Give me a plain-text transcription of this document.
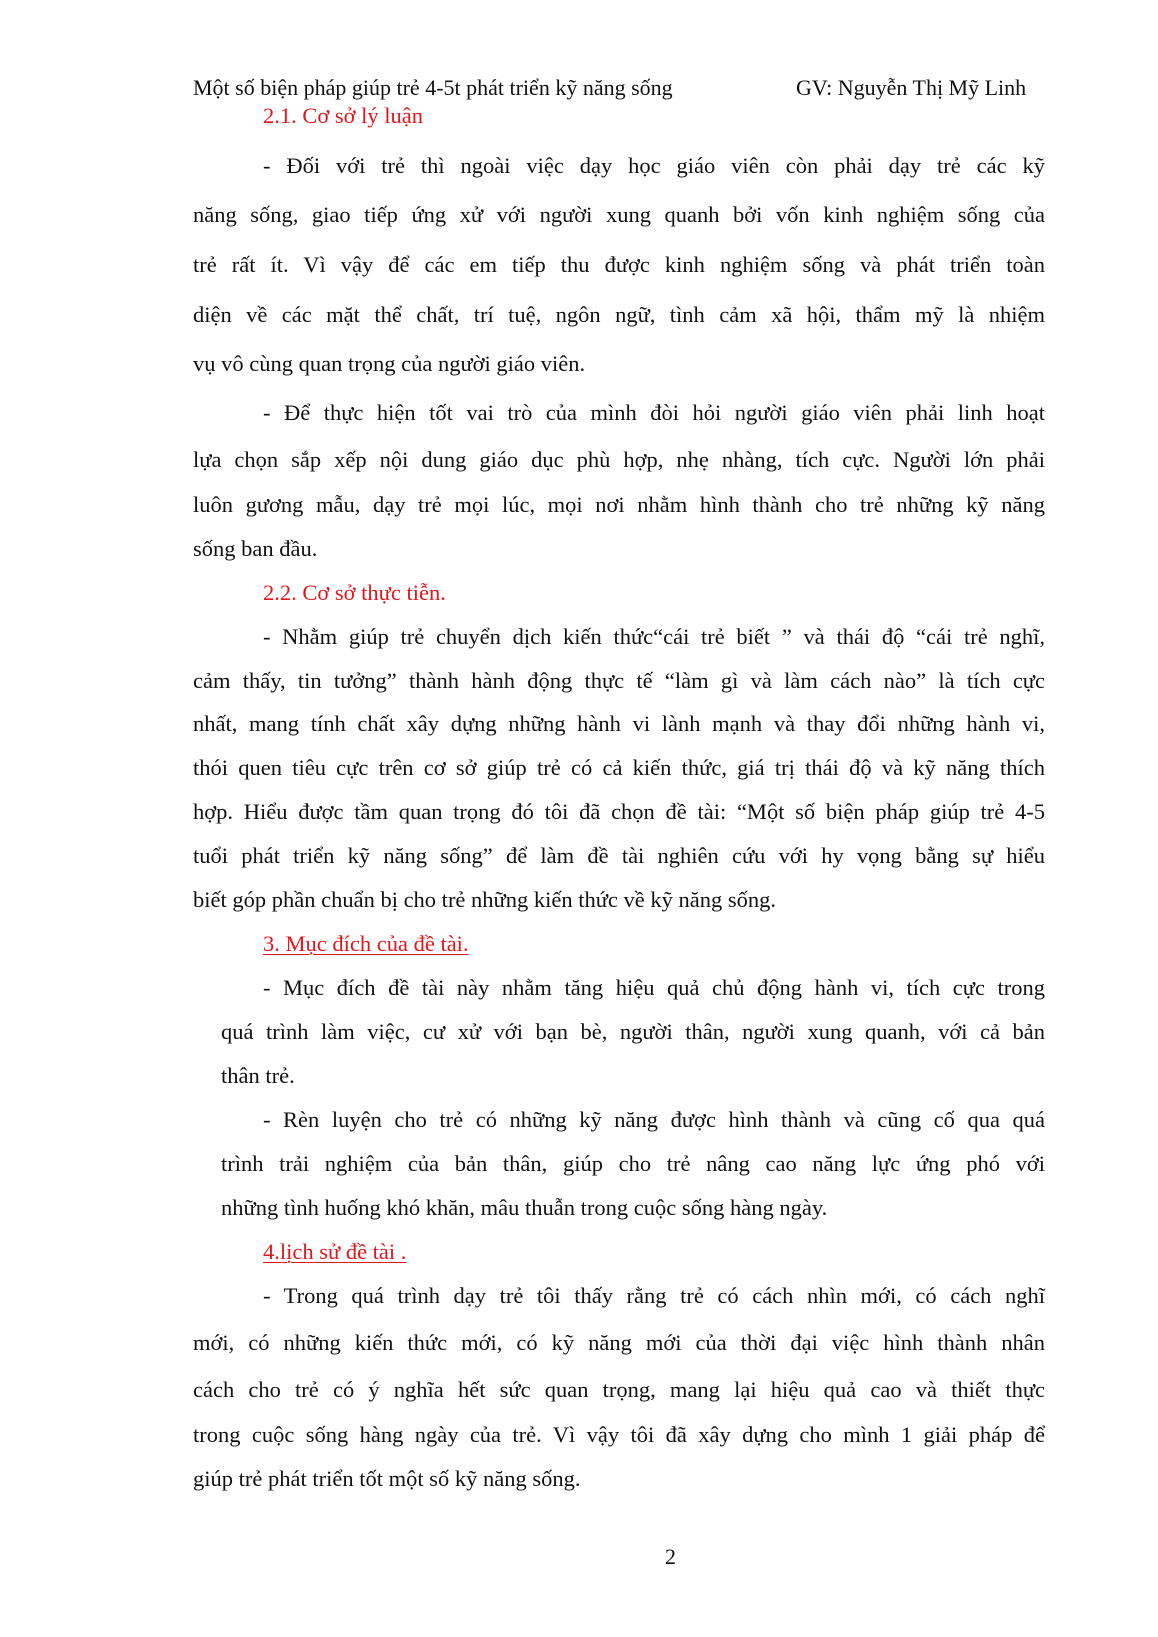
Một số biện pháp giúp trẻ 4-5t phát triển kỹ năng sống	GV: Nguyễn Thị Mỹ Linh
2.1. Cơ sở lý luận
- Đối với trẻ thì ngoài việc dạy học giáo viên còn phải dạy trẻ các kỹ
năng sống, giao tiếp ứng xử với người xung quanh bởi vốn kinh nghiệm sống của
trẻ rất ít. Vì vậy để các em tiếp thu được kinh nghiệm sống và phát triển toàn
diện về các mặt thể chất, trí tuệ, ngôn ngữ, tình cảm xã hội, thẩm mỹ là nhiệm
vụ vô cùng quan trọng của người giáo viên.
- Để thực hiện tốt vai trò của mình đòi hỏi người giáo viên phải linh hoạt
lựa chọn sắp xếp nội dung giáo dục phù hợp, nhẹ nhàng, tích cực. Người lớn phải
luôn gương mẫu, dạy trẻ mọi lúc, mọi nơi nhằm hình thành cho trẻ những kỹ năng
sống ban đầu.
2.2. Cơ sở thực tiễn.
- Nhằm giúp trẻ chuyển dịch kiến thức“cái trẻ biết ” và thái độ “cái trẻ nghĩ,
cảm thấy, tin tưởng” thành hành động thực tế “làm gì và làm cách nào” là tích cực
nhất, mang tính chất xây dựng những hành vi lành mạnh và thay đổi những hành vi,
thói quen tiêu cực trên cơ sở giúp trẻ có cả kiến thức, giá trị thái độ và kỹ năng thích
hợp. Hiểu được tầm quan trọng đó tôi đã chọn đề tài: “Một số biện pháp giúp trẻ 4-5
tuổi phát triển kỹ năng sống” để làm đề tài nghiên cứu với hy vọng bằng sự hiểu
biết góp phần chuẩn bị cho trẻ những kiến thức về kỹ năng sống.
3. Mục đích của đề tài.
- Mục đích đề tài này nhằm tăng hiệu quả chủ động hành vi, tích cực trong
quá trình làm việc, cư xử với bạn bè, người thân, người xung quanh, với cả bản
thân trẻ.
- Rèn luyện cho trẻ có những kỹ năng được hình thành và cũng cố qua quá
trình trải nghiệm của bản thân, giúp cho trẻ nâng cao năng lực ứng phó với
những tình huống khó khăn, mâu thuẫn trong cuộc sống hàng ngày.
4.lịch sử đề tài .
- Trong quá trình dạy trẻ tôi thấy rằng trẻ có cách nhìn mới, có cách nghĩ
mới, có những kiến thức mới, có kỹ năng mới của thời đại việc hình thành nhân
cách cho trẻ có ý nghĩa hết sức quan trọng, mang lại hiệu quả cao và thiết thực
trong cuộc sống hàng ngày của trẻ. Vì vậy tôi đã xây dựng cho mình 1 giải pháp để
giúp trẻ phát triển tốt một số kỹ năng sống.
2
